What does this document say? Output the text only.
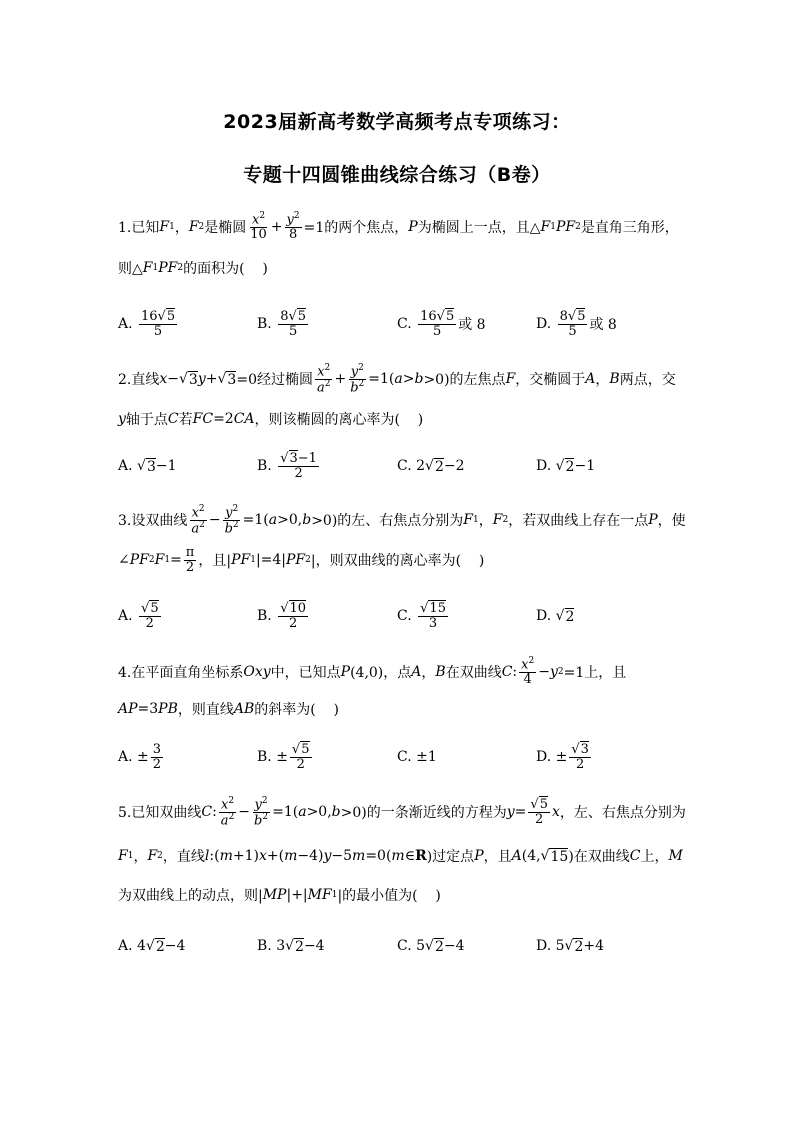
2023届新高考数学高频考点专项练习：
专题十四圆锥曲线综合练习（B卷）
1.已知 F 1 ， F 2 是椭圆 $\frac{x^2}{10} + \frac{y^2}{8} =1$的两个焦点， P 为椭圆上一点，且△ F 1 PF 2 是直角三角形，
则△ F 1 PF 2 的面积为(    )
A. $\frac{16√5}{5}$	B. $\frac{8√5}{5}$	C. $\frac{16√5}{5}$ 或 8	D. $\frac{8√5}{5}$ 或 8
2.直线 x −√ 3 y +√ 3 =0经过椭圆 $\frac{x^2}{a^2} + \frac{y^2}{b^2} =1$( a > b >0)的左焦点 F ，交椭圆于 A ， B 两点，交
y 轴于点 C 若 FC =2 CA ，则该椭圆的离心率为(    )
A. √ 3 −1	B. $\frac{√3-1}{2}$	C. 2√ 2 −2	D. √ 2 −1
3.设双曲线 $\frac{x^2}{a^2} - \frac{y^2}{b^2} =1$( a >0, b >0)的左、右焦点分别为 F 1 ， F 2 ，若双曲线上存在一点 P ，使
∠ PF 2 F $1 = \frac{\pi}{2}$ ，且| PF 1 |=4| PF 2 |，则双曲线的离心率为(    )
A. $\frac{√5}{2}$	B. $\frac{√10}{2}$	C. $\frac{√15}{3}$	D. √ 2
4.在平面直角坐标系 Oxy 中，已知点 P (4,0)，点 A ， B 在双曲线 C : $\frac{x^2}{4} - y$ 2 =1上，且
AP =3 PB ，则直线 AB 的斜率为(    )
A. ± $\frac{3}{2}$	B. ± $\frac{√5}{2}$	C. ±1	D. ± $\frac{√3}{2}$
5.已知双曲线 C : $\frac{x^2}{a^2} - \frac{y^2}{b^2} =1$( a >0, b >0)的一条渐近线的方程为 $y = \frac{√5}{2}$ x ，左、右焦点分别为
F 1 ， F 2 ，直线 l :( m +1) x +( m −4) y −5 m =0( m ∈ R )过定点 P ，且 A (4,√ 15 )在双曲线 C 上， M
为双曲线上的动点，则| MP |+| MF 1 |的最小值为(    )
A. 4√ 2 −4	B. 3√ 2 −4	C. 5√ 2 −4	D. 5√ 2 +4
